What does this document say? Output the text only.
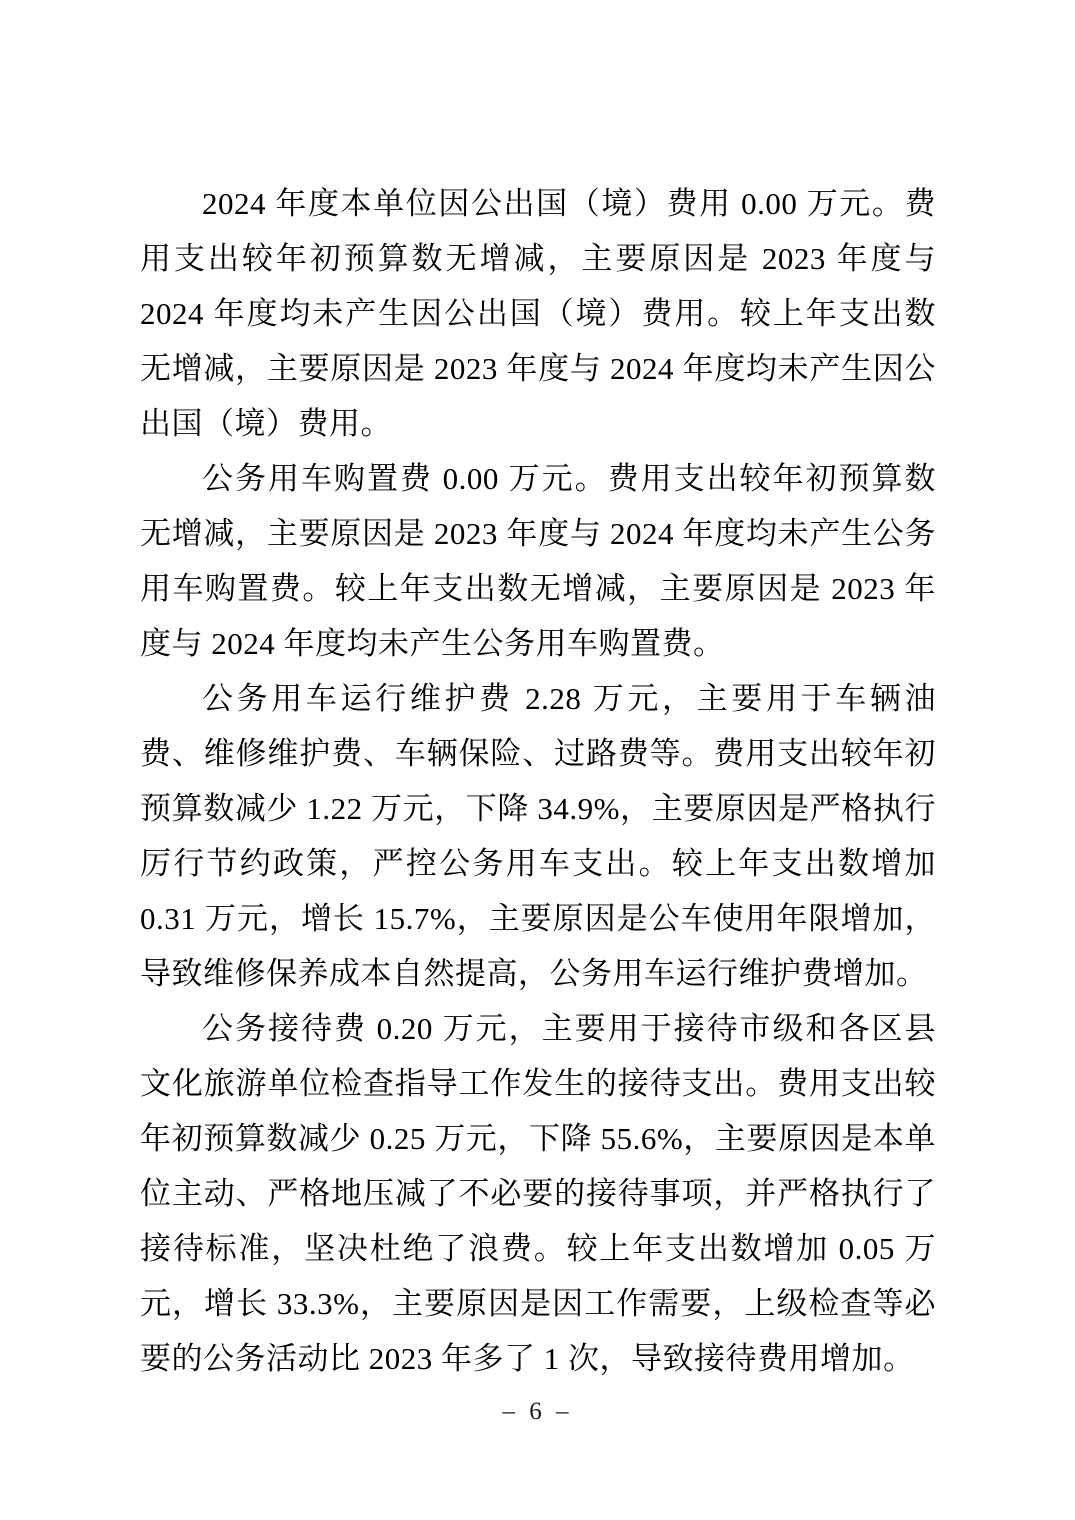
2024 年度本单位因公出国（境）费用 0.00 万元。费用支出较年初预算数无增减，主要原因是 2023 年度与 2024 年度均未产生因公出国（境）费用。较上年支出数无增减，主要原因是 2023 年度与 2024 年度均未产生因公出国（境）费用。

公务用车购置费 0.00 万元。费用支出较年初预算数无增减，主要原因是 2023 年度与 2024 年度均未产生公务用车购置费。较上年支出数无增减，主要原因是 2023 年度与 2024 年度均未产生公务用车购置费。

公务用车运行维护费 2.28 万元，主要用于车辆油费、维修维护费、车辆保险、过路费等。费用支出较年初预算数减少 1.22 万元，下降 34.9%，主要原因是严格执行厉行节约政策，严控公务用车支出。较上年支出数增加 0.31 万元，增长 15.7%，主要原因是公车使用年限增加，导致维修保养成本自然提高，公务用车运行维护费增加。

公务接待费 0.20 万元，主要用于接待市级和各区县文化旅游单位检查指导工作发生的接待支出。费用支出较年初预算数减少 0.25 万元，下降 55.6%，主要原因是本单位主动、严格地压减了不必要的接待事项，并严格执行了接待标准，坚决杜绝了浪费。较上年支出数增加 0.05 万元，增长 33.3%，主要原因是因工作需要，上级检查等必要的公务活动比 2023 年多了 1 次，导致接待费用增加。

– 6 –
